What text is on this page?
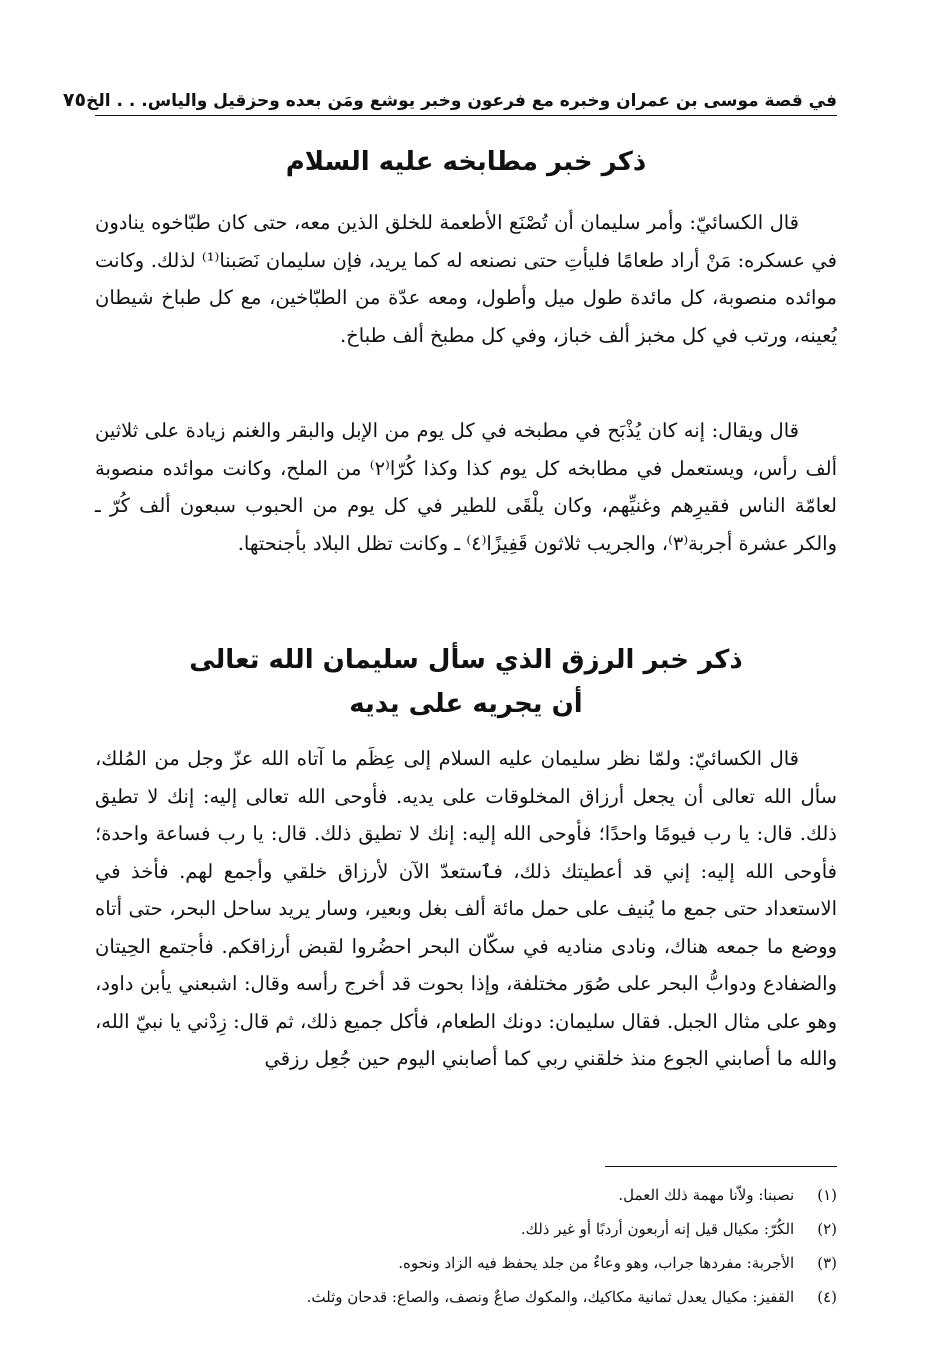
في قصة موسى بن عمران وخبره مع فرعون وخبر يوشع ومَن بعده وحزقيل والياس. . . الخ
٧٥
ذكر خبر مطابخه عليه السلام

قال الكسائيّ: وأمر سليمان أن تُصْنَع الأطعمة للخلق الذين معه، حتى كان طبّاخوه ينادون في عسكره: مَنْ أراد طعامًا فليأتِ حتى نصنعه له كما يريد، فإن سليمان نَصَبنا⁽¹⁾ لذلك. وكانت موائده منصوبة، كل مائدة طول ميل وأطول، ومعه عدّة من الطبّاخين، مع كل طباخ شيطان يُعينه، ورتب في كل مخبز ألف خباز، وفي كل مطبخ ألف طباخ.

قال ويقال: إنه كان يُذْبَح في مطبخه في كل يوم من الإبل والبقر والغنم زيادة على ثلاثين ألف رأس، ويستعمل في مطابخه كل يوم كذا وكذا كُرّا⁽٢⁾ من الملح، وكانت موائده منصوبة لعامّة الناس فقيرِهم وغنيِّهم، وكان يلْقَى للطير في كل يوم من الحبوب سبعون ألف كُرّ ـ والكر عشرة أجربة⁽٣⁾، والجريب ثلاثون قَفِيزًا⁽٤⁾ ـ وكانت تظل البلاد بأجنحتها.

ذكر خبر الرزق الذي سأل سليمان الله تعالى
أن يجريه على يديه

قال الكسائيّ: ولمّا نظر سليمان عليه السلام إلى عِظَم ما آتاه الله عزّ وجل من المُلك، سأل الله تعالى أن يجعل أرزاق المخلوقات على يديه. فأوحى الله تعالى إليه: إنك لا تطيق ذلك. قال: يا رب فيومًا واحدًا؛ فأوحى الله إليه: إنك لا تطيق ذلك. قال: يا رب فساعة واحدة؛ فأوحى الله إليه: إني قد أعطيتك ذلك، فٱستعدّ الآن لأرزاق خلقي وأجمع لهم. فأخذ في الاستعداد حتى جمع ما يُنيف على حمل مائة ألف بغل وبعير، وسار يريد ساحل البحر، حتى أتاه ووضع ما جمعه هناك، ونادى مناديه في سكّان البحر احضُروا لقبض أرزاقكم. فأجتمع الحِيتان والضفادع ودوابُّ البحر على صُوَر مختلفة، وإذا بحوت قد أخرج رأسه وقال: اشبعني يأبن داود، وهو على مثال الجبل. فقال سليمان: دونك الطعام، فأكل جميع ذلك، ثم قال: زِدْني يا نبيّ الله، والله ما أصابني الجوع منذ خلقني ربي كما أصابني اليوم حين جُعِل رزقي

(١) نصبنا: ولاّنا مهمة ذلك العمل.
(٢) الكُرّ: مكيال قيل إنه أربعون أردبًا أو غير ذلك.
(٣) الأجربة: مفردها جراب، وهو وعاءٌ من جلد يحفظ فيه الزاد ونحوه.
(٤) القفيز: مكيال يعدل ثمانية مكاكيك، والمكوك صاعٌ ونصف، والصاع: قدحان وثلث.
